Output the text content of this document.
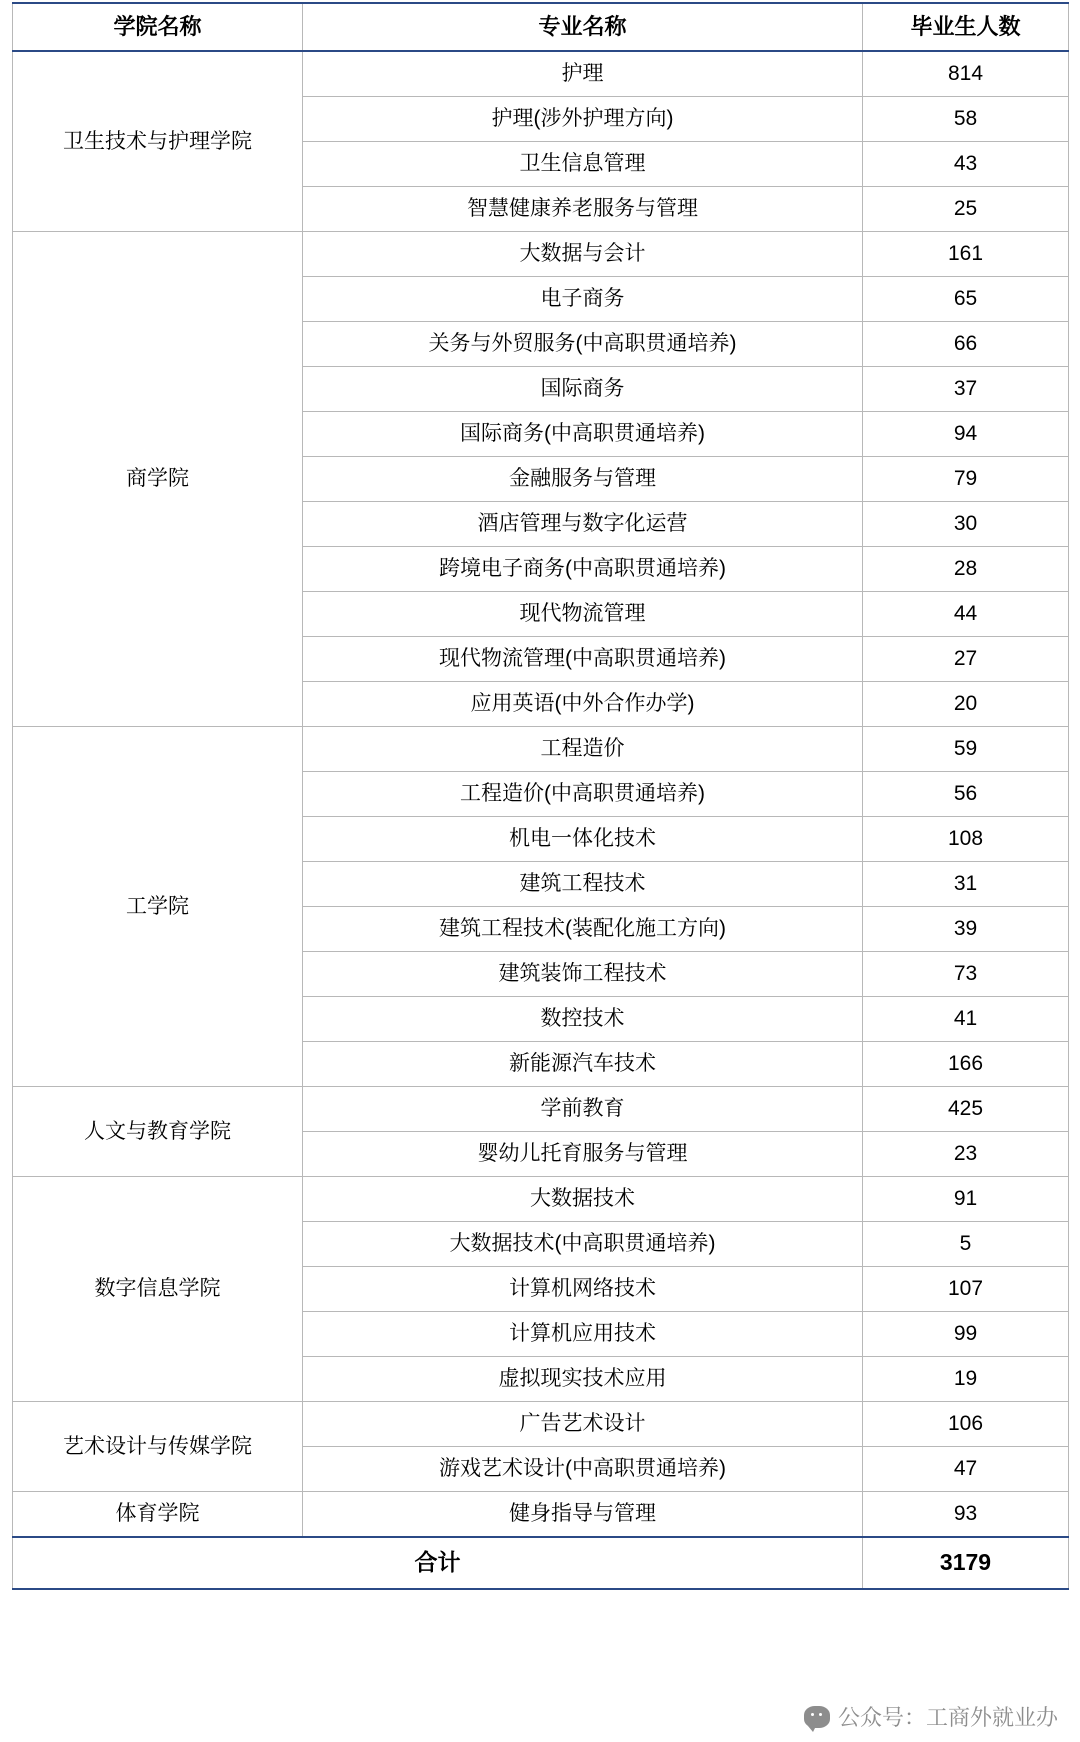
学院名称	专业名称	毕业生人数
卫生技术与护理学院	护理	814
	护理(涉外护理方向)	58
	卫生信息管理	43
	智慧健康养老服务与管理	25
商学院	大数据与会计	161
	电子商务	65
	关务与外贸服务(中高职贯通培养)	66
	国际商务	37
	国际商务(中高职贯通培养)	94
	金融服务与管理	79
	酒店管理与数字化运营	30
	跨境电子商务(中高职贯通培养)	28
	现代物流管理	44
	现代物流管理(中高职贯通培养)	27
	应用英语(中外合作办学)	20
工学院	工程造价	59
	工程造价(中高职贯通培养)	56
	机电一体化技术	108
	建筑工程技术	31
	建筑工程技术(装配化施工方向)	39
	建筑装饰工程技术	73
	数控技术	41
	新能源汽车技术	166
人文与教育学院	学前教育	425
	婴幼儿托育服务与管理	23
数字信息学院	大数据技术	91
	大数据技术(中高职贯通培养)	5
	计算机网络技术	107
	计算机应用技术	99
	虚拟现实技术应用	19
艺术设计与传媒学院	广告艺术设计	106
	游戏艺术设计(中高职贯通培养)	47
体育学院	健身指导与管理	93
合计		3179
公众号：工商外就业办
